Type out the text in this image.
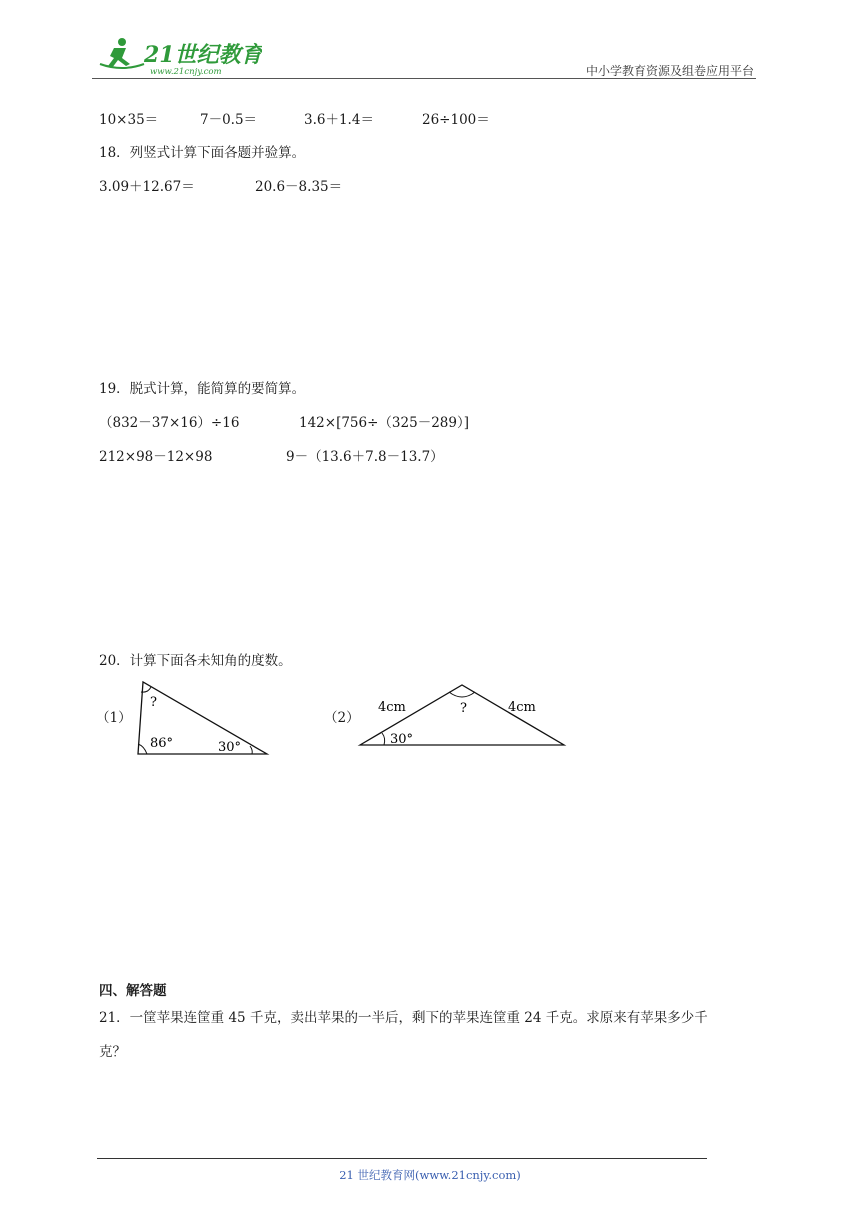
21世纪教育
www.21cnjy.com	中小学教育资源及组卷应用平台
10×35＝	7－0.5＝	3.6＋1.4＝	26÷100＝
18．列竖式计算下面各题并验算。
3.09＋12.67＝	20.6－8.35＝
19．脱式计算，能简算的要简算。
（832－37×16）÷16	142×[756÷（325－289）]
212×98－12×98	9－（13.6＋7.8－13.7）
20．计算下面各未知角的度数。
（1）
?
86°	30°
（2）
4cm	4cm
?
30°
四、解答题
21．一筐苹果连筐重 45 千克，卖出苹果的一半后，剩下的苹果连筐重 24 千克。求原来有苹果多少千
克？
21 世纪教育网(www.21cnjy.com)
